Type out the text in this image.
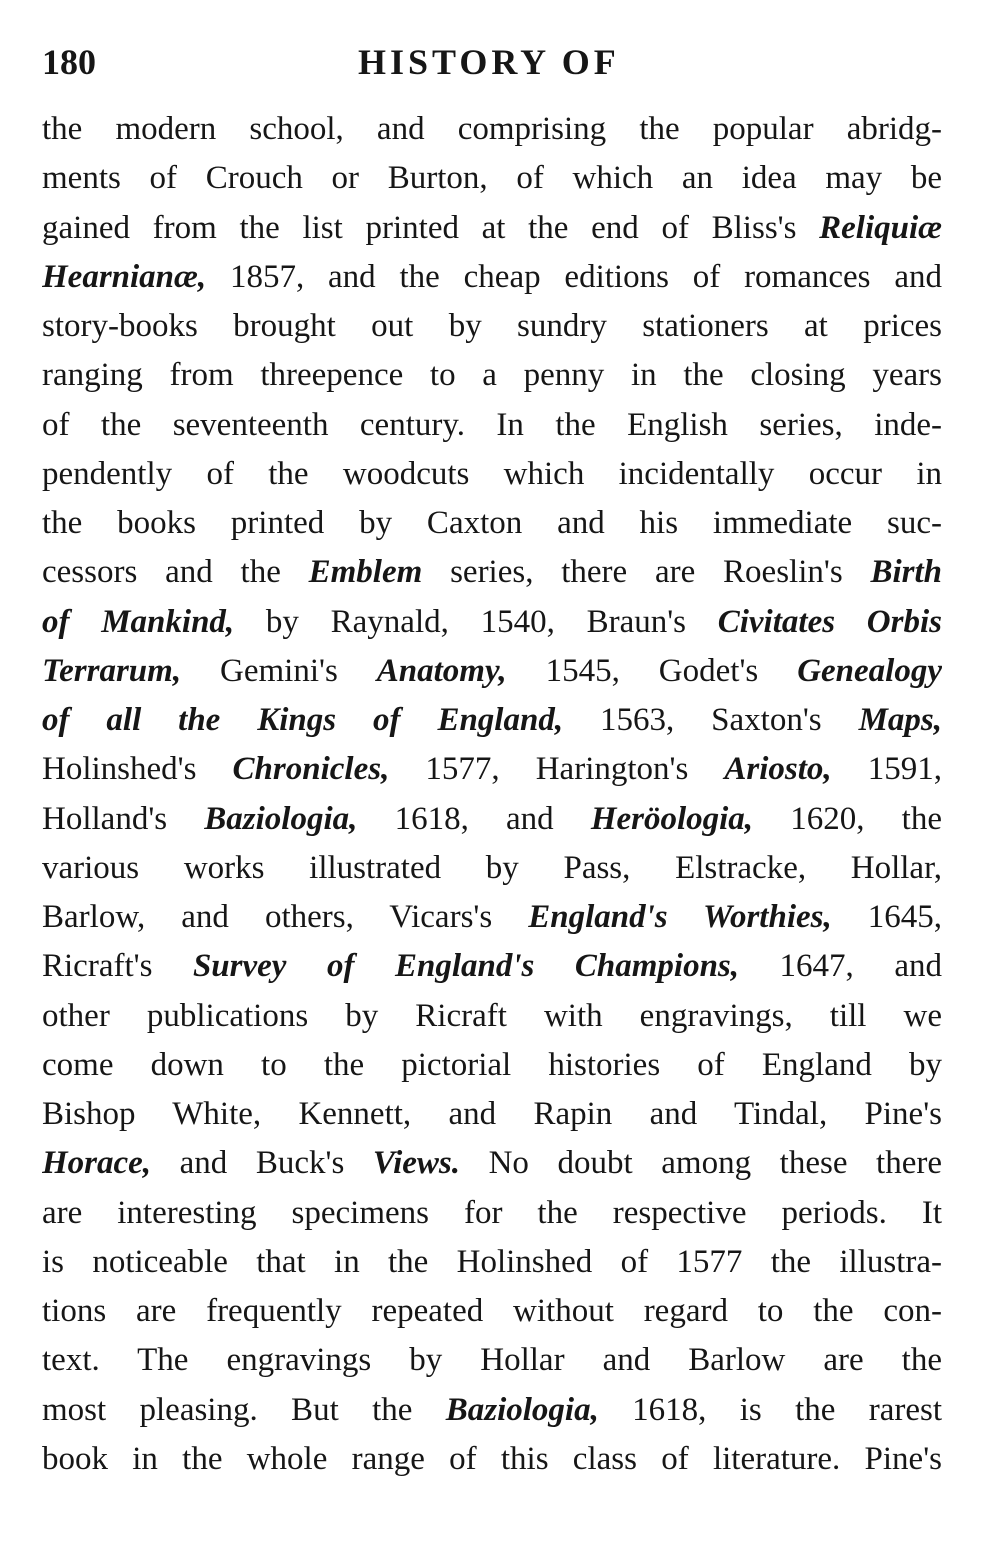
180	HISTORY OF
the modern school, and comprising the popular abridg-
ments of Crouch or Burton, of which an idea may be
gained from the list printed at the end of Bliss's Reliquiæ
Hearnianæ, 1857, and the cheap editions of romances and
story-books brought out by sundry stationers at prices
ranging from threepence to a penny in the closing years
of the seventeenth century. In the English series, inde-
pendently of the woodcuts which incidentally occur in
the books printed by Caxton and his immediate suc-
cessors and the Emblem series, there are Roeslin's Birth
of Mankind, by Raynald, 1540, Braun's Civitates Orbis
Terrarum, Gemini's Anatomy, 1545, Godet's Genealogy
of all the Kings of England, 1563, Saxton's Maps,
Holinshed's Chronicles, 1577, Harington's Ariosto, 1591,
Holland's Baziologia, 1618, and Heröologia, 1620, the
various works illustrated by Pass, Elstracke, Hollar,
Barlow, and others, Vicars's England's Worthies, 1645,
Ricraft's Survey of England's Champions, 1647, and
other publications by Ricraft with engravings, till we
come down to the pictorial histories of England by
Bishop White, Kennett, and Rapin and Tindal, Pine's
Horace, and Buck's Views. No doubt among these there
are interesting specimens for the respective periods. It
is noticeable that in the Holinshed of 1577 the illustra-
tions are frequently repeated without regard to the con-
text. The engravings by Hollar and Barlow are the
most pleasing. But the Baziologia, 1618, is the rarest
book in the whole range of this class of literature. Pine's
